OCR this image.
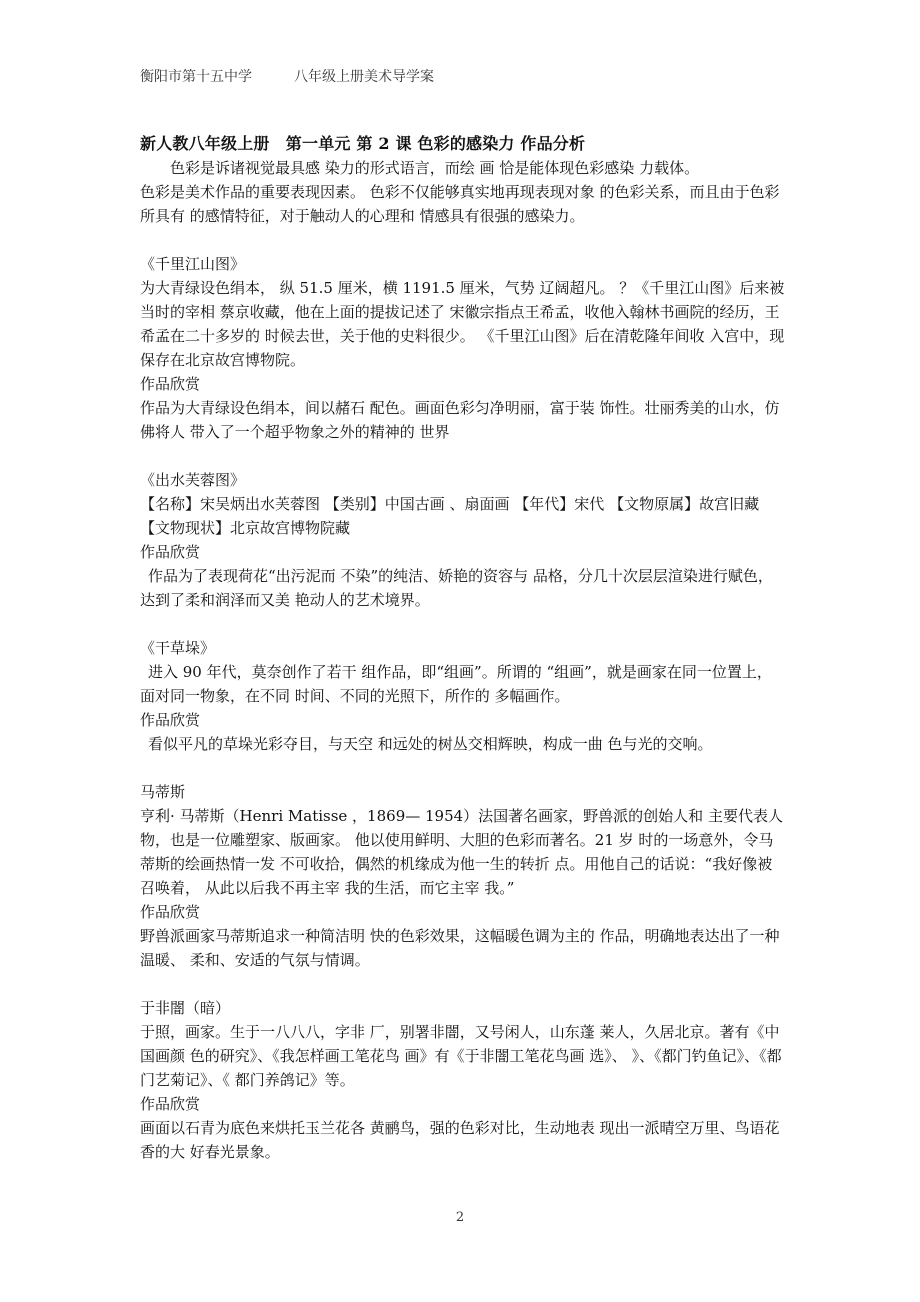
衡阳市第十五中学	八年级上册美术导学案

新人教八年级上册　第一单元 第 2 课 色彩的感染力 作品分析

色彩是诉诸视觉最具感 染力的形式语言，而绘 画 恰是能体现色彩感染 力载体。

色彩是美术作品的重要表现因素。 色彩不仅能够真实地再现表现对象 的色彩关系，而且由于色彩所具有 的感情特征，对于触动人的心理和 情感具有很强的感染力。

《千里江山图》

为大青绿设色绢本， 纵 51.5 厘米，横 1191.5 厘米，气势 辽阔超凡。 ？《千里江山图》后来被当时的宰相 蔡京收藏，他在上面的提拔记述了 宋徽宗指点王希孟，收他入翰林书画院的经历，王希孟在二十多岁的 时候去世，关于他的史料很少。 《千里江山图》后在清乾隆年间收 入宫中，现保存在北京故宫博物院。

作品欣赏

作品为大青绿设色绢本，间以赭石 配色。画面色彩匀净明丽，富于装 饰性。壮丽秀美的山水，仿佛将人 带入了一个超乎物象之外的精神的 世界

《出水芙蓉图》

【名称】宋吴炳出水芙蓉图 【类别】中国古画 、扇面画 【年代】宋代 【文物原属】故宫旧藏 【文物现状】北京故宫博物院藏

作品欣赏

作品为了表现荷花“出污泥而 不染”的纯洁、娇艳的资容与 品格，分几十次层层渲染进行赋色，达到了柔和润泽而又美 艳动人的艺术境界。

《干草垛》

进入 90 年代，莫奈创作了若干 组作品，即“组画”。所谓的 “组画”，就是画家在同一位置上，面对同一物象，在不同 时间、不同的光照下，所作的 多幅画作。

作品欣赏

看似平凡的草垛光彩夺目，与天空 和远处的树丛交相辉映，构成一曲 色与光的交响。

马蒂斯

亨利· 马蒂斯（Henri Matisse ，1869— 1954）法国著名画家，野兽派的创始人和 主要代表人物，也是一位雕塑家、版画家。 他以使用鲜明、大胆的色彩而著名。21 岁 时的一场意外，令马蒂斯的绘画热情一发 不可收拾，偶然的机缘成为他一生的转折 点。用他自己的话说：“我好像被召唤着， 从此以后我不再主宰 我的生活，而它主宰 我。”

作品欣赏

野兽派画家马蒂斯追求一种简洁明 快的色彩效果，这幅暖色调为主的 作品，明确地表达出了一种温暖、 柔和、安适的气氛与情调。

于非闇（暗）

于照，画家。生于一八八八，字非 厂，别署非闇，又号闲人，山东蓬 莱人，久居北京。著有《中国画颜 色的研究》、《我怎样画工笔花鸟 画》有《于非闇工笔花鸟画 选》、 》、《都门钓鱼记》、《都 门艺菊记》、《 都门养鸽记》等。

作品欣赏

画面以石青为底色来烘托玉兰花各 黄鹂鸟，强的色彩对比，生动地表 现出一派晴空万里、鸟语花香的大 好春光景象。

2
